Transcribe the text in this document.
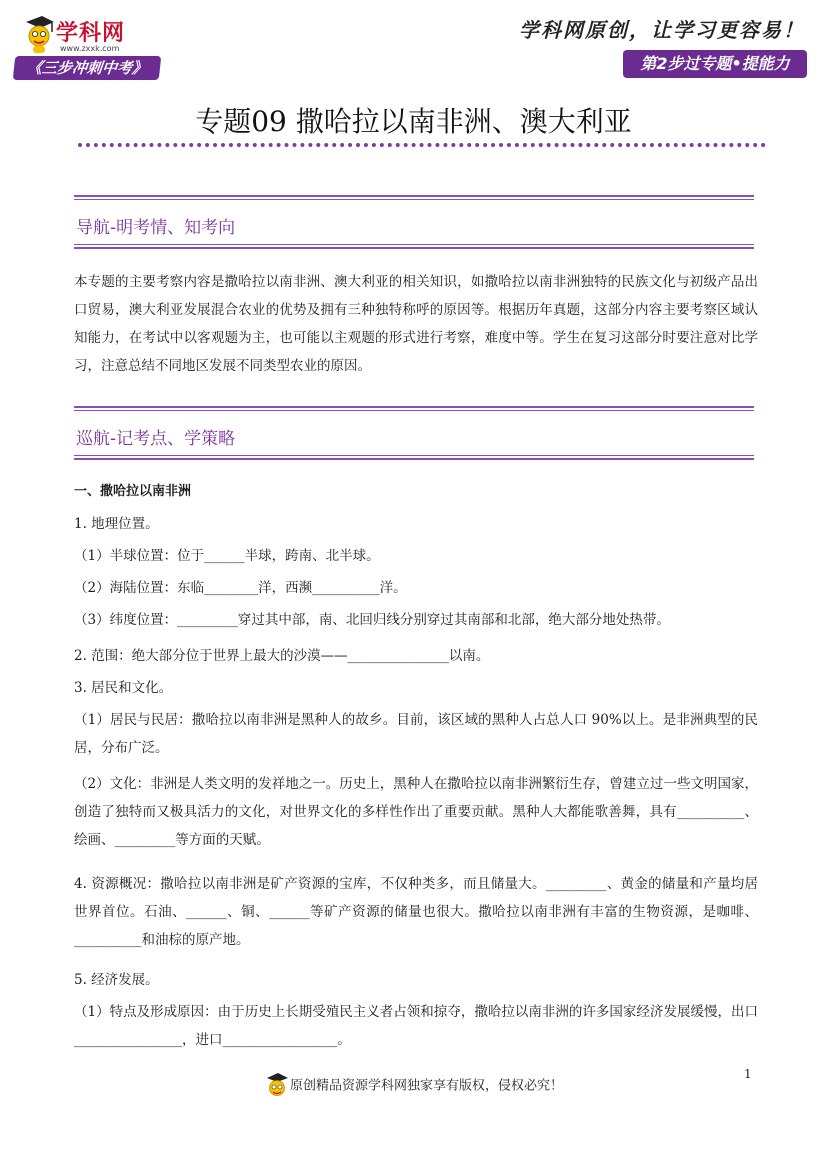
学科网
www.zxxk.com
《三步冲刺中考》
学科网原创，让学习更容易！
第2步过专题•提能力
专题09 撒哈拉以南非洲、澳大利亚
导航-明考情、知考向
本专题的主要考察内容是撒哈拉以南非洲、澳大利亚的相关知识，如撒哈拉以南非洲独特的民族文化与初级产品出口贸易，澳大利亚发展混合农业的优势及拥有三种独特称呼的原因等。根据历年真题，这部分内容主要考察区域认知能力，在考试中以客观题为主，也可能以主观题的形式进行考察，难度中等。学生在复习这部分时要注意对比学习，注意总结不同地区发展不同类型农业的原因。
巡航-记考点、学策略
一、撒哈拉以南非洲
1. 地理位置。
（1）半球位置：位于______半球，跨南、北半球。
（2）海陆位置：东临________洋，西濒__________洋。
（3）纬度位置：_________穿过其中部，南、北回归线分别穿过其南部和北部，绝大部分地处热带。
2. 范围：绝大部分位于世界上最大的沙漠——_______________以南。
3. 居民和文化。
（1）居民与民居：撒哈拉以南非洲是黑种人的故乡。目前，该区域的黑种人占总人口 90%以上。是非洲典型的民居，分布广泛。
（2）文化：非洲是人类文明的发祥地之一。历史上，黑种人在撒哈拉以南非洲繁衍生存，曾建立过一些文明国家，创造了独特而又极具活力的文化，对世界文化的多样性作出了重要贡献。黑种人大都能歌善舞，具有__________、绘画、_________等方面的天赋。
4. 资源概况：撒哈拉以南非洲是矿产资源的宝库，不仅种类多，而且储量大。_________、黄金的储量和产量均居世界首位。石油、______、铜、______等矿产资源的储量也很大。撒哈拉以南非洲有丰富的生物资源，是咖啡、__________和油棕的原产地。
5. 经济发展。
（1）特点及形成原因：由于历史上长期受殖民主义者占领和掠夺，撒哈拉以南非洲的许多国家经济发展缓慢，出口________________，进口_________________。
原创精品资源学科网独家享有版权，侵权必究！
1
